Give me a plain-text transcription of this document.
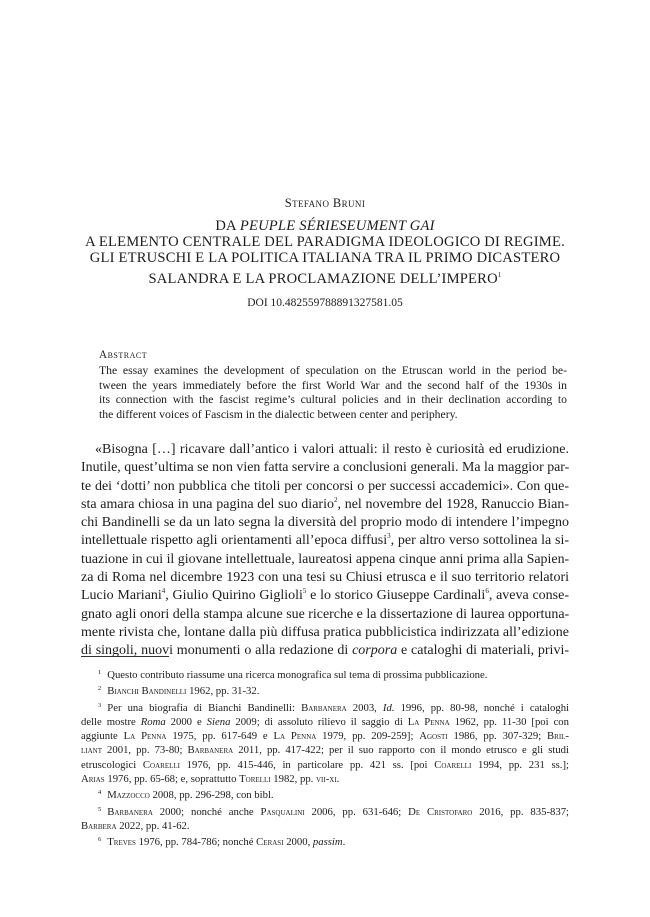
Stefano Bruni
DA PEUPLE SÉRIESEUMENT GAI
A ELEMENTO CENTRALE DEL PARADIGMA IDEOLOGICO DI REGIME.
GLI ETRUSCHI E LA POLITICA ITALIANA TRA IL PRIMO DICASTERO
SALANDRA E LA PROCLAMAZIONE DELL’IMPERO$^1$
DOI 10.482559788891327581.05
Abstract
The essay examines the development of speculation on the Etruscan world in the period be-
tween the years immediately before the first World War and the second half of the 1930s in
its connection with the fascist regime’s cultural policies and in their declination according to
the different voices of Fascism in the dialectic between center and periphery.
 «Bisogna […] ricavare dall’antico i valori attuali: il resto è curiosità ed erudizione.
Inutile, quest’ultima se non vien fatta servire a conclusioni generali. Ma la maggior par-
te dei ‘dotti’ non pubblica che titoli per concorsi o per successi accademici». Con que-
sta amara chiosa in una pagina del suo diario$^2$, nel novembre del 1928, Ranuccio Bian-
chi Bandinelli se da un lato segna la diversità del proprio modo di intendere l’impegno
intellettuale rispetto agli orientamenti all’epoca diffusi$^3$, per altro verso sottolinea la si-
tuazione in cui il giovane intellettuale, laureatosi appena cinque anni prima alla Sapien-
za di Roma nel dicembre 1923 con una tesi su Chiusi etrusca e il suo territorio relatori
Lucio Mariani$^4$, Giulio Quirino Giglioli$^5$ e lo storico Giuseppe Cardinali$^6$, aveva conse-
gnato agli onori della stampa alcune sue ricerche e la dissertazione di laurea opportuna-
mente rivista che, lontane dalla più diffusa pratica pubblicistica indirizzata all’edizione
di singoli, nuovi monumenti o alla redazione di corpora e cataloghi di materiali, privi-
$^1$ Questo contributo riassume una ricerca monografica sul tema di prossima pubblicazione.
$^2$ Bianchi Bandinelli 1962, pp. 31-32.
$^3$ Per una biografia di Bianchi Bandinelli: Barbanera 2003, Id. 1996, pp. 80-98, nonché i cataloghi
delle mostre Roma 2000 e Siena 2009; di assoluto rilievo il saggio di La Penna 1962, pp. 11-30 [poi con
aggiunte La Penna 1975, pp. 617-649 e La Penna 1979, pp. 209-259]; Agosti 1986, pp. 307-329; Bril-
liant 2001, pp. 73-80; Barbanera 2011, pp. 417-422; per il suo rapporto con il mondo etrusco e gli studi
etruscologici Coarelli 1976, pp. 415-446, in particolare pp. 421 ss. [poi Coarelli 1994, pp. 231 ss.];
Arias 1976, pp. 65-68; e, soprattutto Torelli 1982, pp. vii-xi.
$^4$ Mazzocco 2008, pp. 296-298, con bibl.
$^5$ Barbanera 2000; nonché anche Pasqualini 2006, pp. 631-646; De Cristofaro 2016, pp. 835-837;
Barbera 2022, pp. 41-62.
$^6$ Treves 1976, pp. 784-786; nonché Cerasi 2000, passim.
